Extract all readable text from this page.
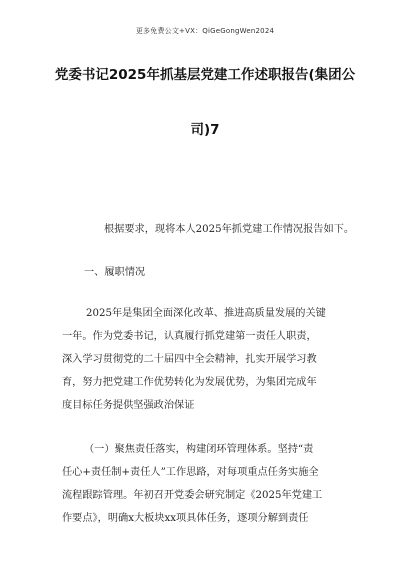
更多免费公文+VX：QiGeGongWen2024
党委书记2025年抓基层党建工作述职报告(集团公
司)7
根据要求，现将本人2025年抓党建工作情况报告如下。
一、履职情况
2025年是集团全面深化改革、推进高质量发展的关键
一年。作为党委书记，认真履行抓党建第一责任人职责，
深入学习贯彻党的二十届四中全会精神，扎实开展学习教
育，努力把党建工作优势转化为发展优势，为集团完成年
度目标任务提供坚强政治保证
（一）聚焦责任落实，构建闭环管理体系。坚持“责
任心+责任制+责任人”工作思路，对每项重点任务实施全
流程跟踪管理。年初召开党委会研究制定《2025年党建工
作要点》，明确x大板块xx项具体任务，逐项分解到责任
